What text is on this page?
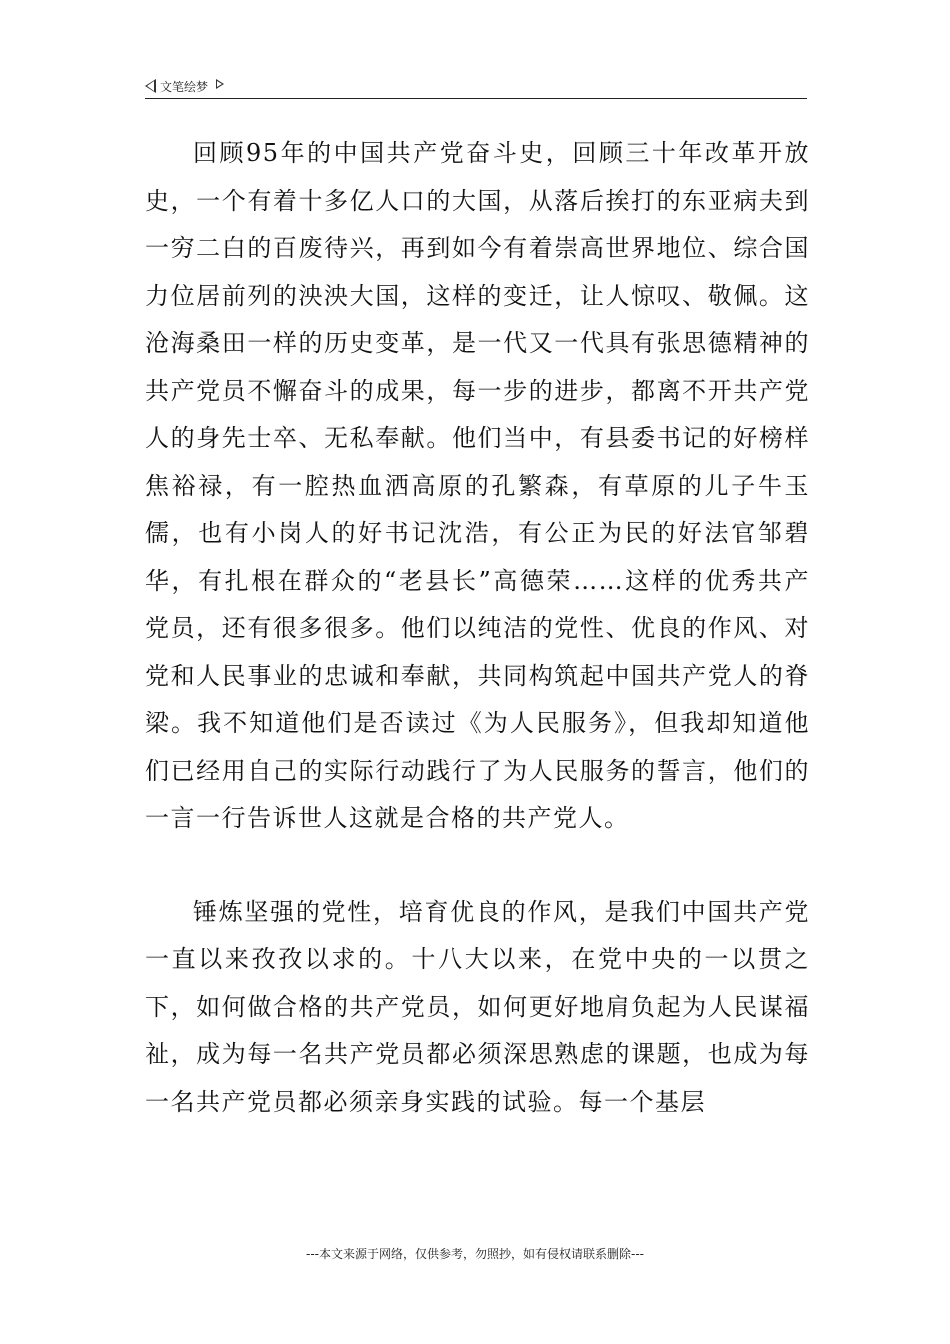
文笔绘梦

回顾95年的中国共产党奋斗史，回顾三十年改革开放史，一个有着十多亿人口的大国，从落后挨打的东亚病夫到一穷二白的百废待兴，再到如今有着崇高世界地位、综合国力位居前列的泱泱大国，这样的变迁，让人惊叹、敬佩。这沧海桑田一样的历史变革，是一代又一代具有张思德精神的共产党员不懈奋斗的成果，每一步的进步，都离不开共产党人的身先士卒、无私奉献。他们当中，有县委书记的好榜样焦裕禄，有一腔热血洒高原的孔繁森，有草原的儿子牛玉儒，也有小岗人的好书记沈浩，有公正为民的好法官邹碧华，有扎根在群众的“老县长”高德荣……这样的优秀共产党员，还有很多很多。他们以纯洁的党性、优良的作风、对党和人民事业的忠诚和奉献，共同构筑起中国共产党人的脊梁。我不知道他们是否读过《为人民服务》，但我却知道他们已经用自己的实际行动践行了为人民服务的誓言，他们的一言一行告诉世人这就是合格的共产党人。

锤炼坚强的党性，培育优良的作风，是我们中国共产党一直以来孜孜以求的。十八大以来，在党中央的一以贯之下，如何做合格的共产党员，如何更好地肩负起为人民谋福祉，成为每一名共产党员都必须深思熟虑的课题，也成为每一名共产党员都必须亲身实践的试验。每一个基层

---本文来源于网络，仅供参考，勿照抄，如有侵权请联系删除---
